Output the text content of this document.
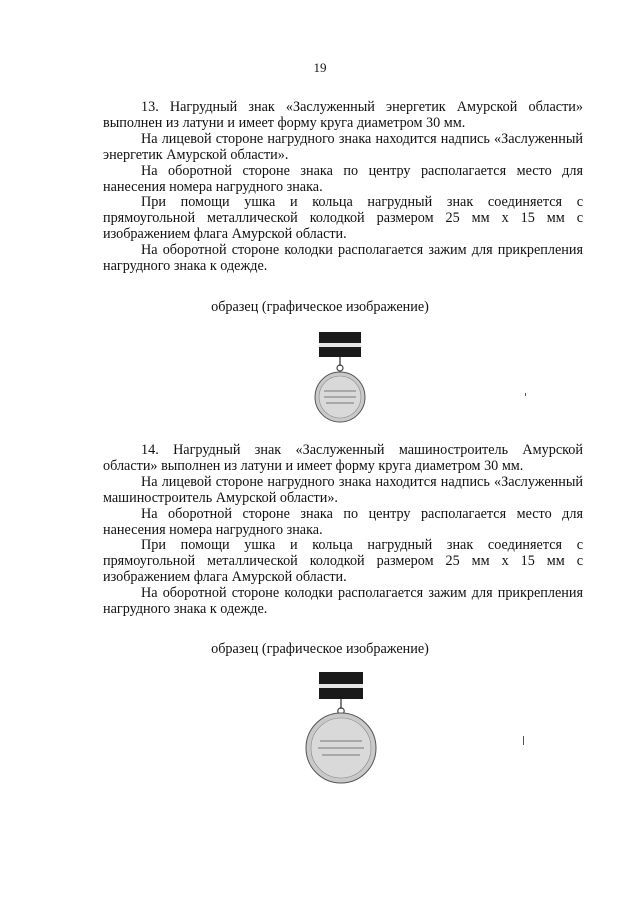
19

13. Нагрудный знак «Заслуженный энергетик Амурской области» выполнен из латуни и имеет форму круга диаметром 30 мм.

На лицевой стороне нагрудного знака находится надпись «Заслуженный энергетик Амурской области».

На оборотной стороне знака по центру располагается место для нанесения номера нагрудного знака.

При помощи ушка и кольца нагрудный знак соединяется с прямоугольной металлической колодкой размером 25 мм х 15 мм с изображением флага Амурской области.

На оборотной стороне колодки располагается зажим для прикрепления нагрудного знака к одежде.

образец (графическое изображение)

14. Нагрудный знак «Заслуженный машиностроитель Амурской области» выполнен из латуни и имеет форму круга диаметром 30 мм.

На лицевой стороне нагрудного знака находится надпись «Заслуженный машиностроитель Амурской области».

На оборотной стороне знака по центру располагается место для нанесения номера нагрудного знака.

При помощи ушка и кольца нагрудный знак соединяется с прямоугольной металлической колодкой размером 25 мм х 15 мм с изображением флага Амурской области.

На оборотной стороне колодки располагается зажим для прикрепления нагрудного знака к одежде.

образец (графическое изображение)
